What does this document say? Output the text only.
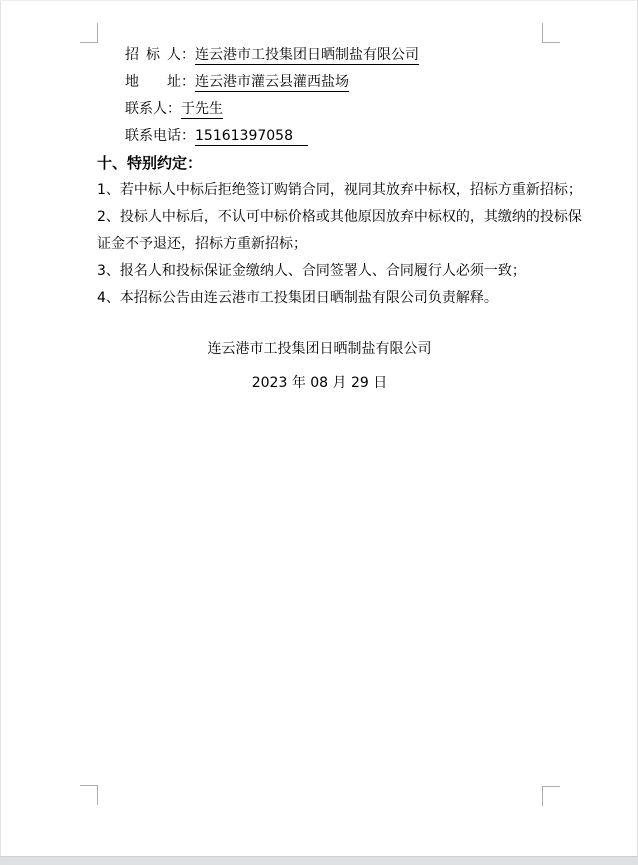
招标人：连云港市工投集团日晒制盐有限公司
地址：连云港市灌云县灌西盐场
联系人：于先生
联系电话：15161397058
十、特别约定：
1、若中标人中标后拒绝签订购销合同，视同其放弃中标权，招标方重新招标；
2、投标人中标后，不认可中标价格或其他原因放弃中标权的，其缴纳的投标保
证金不予退还，招标方重新招标；
3、报名人和投标保证金缴纳人、合同签署人、合同履行人必须一致；
4、本招标公告由连云港市工投集团日晒制盐有限公司负责解释。
连云港市工投集团日晒制盐有限公司
2023 年 08 月 29 日
